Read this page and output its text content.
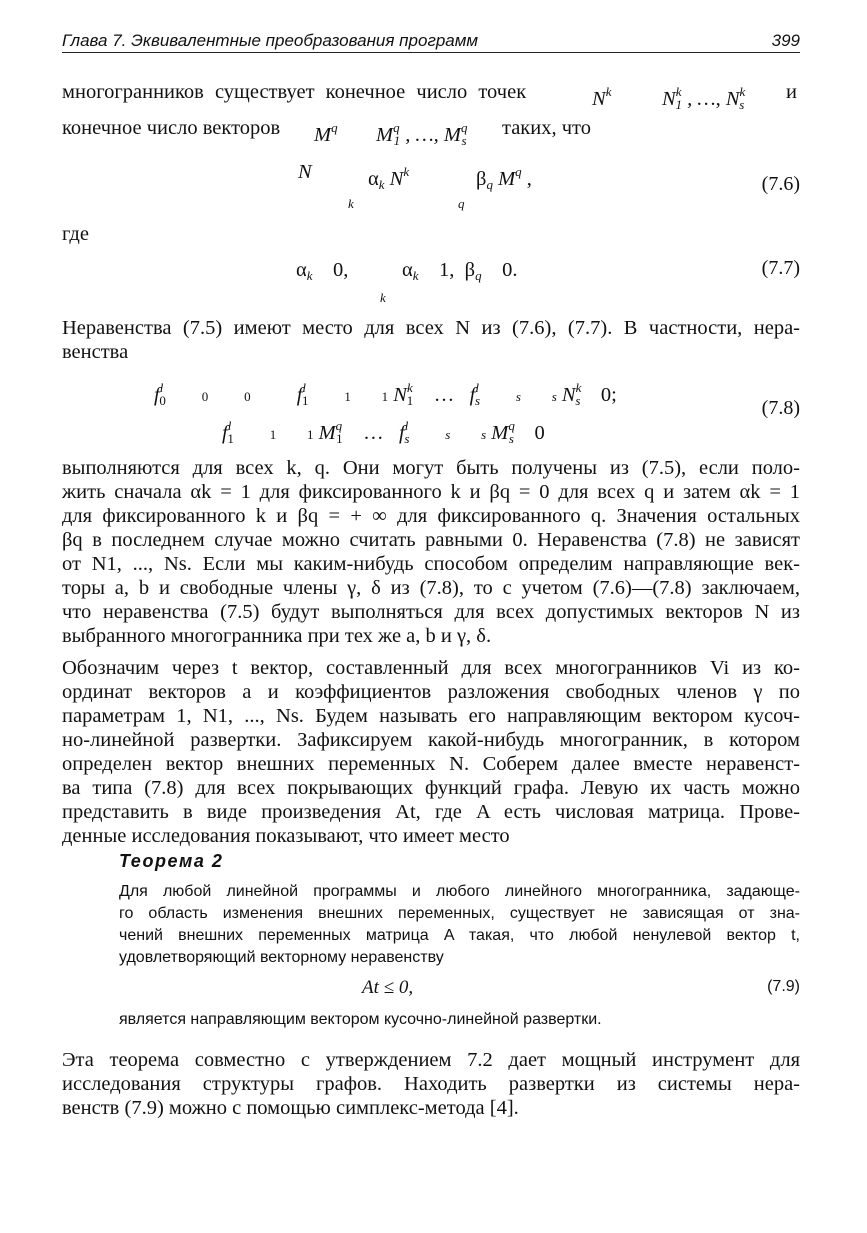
Глава 7. Эквивалентные преобразования программ	399
многогранников существует конечное число точек	$N^k$ $N^k_1$ , …, $N^k_s$
и
конечное число векторов $M^q$ $M^q_1$ , …, $M^q_s$
таких, что
N	$\alpha_k$ $N^k$
k
$\beta_q$ $M^q$ ,
q
(7.6)
где
$\alpha_k$    0,	$\alpha_k$    1,  $\beta_q$    0.
k
(7.7)
Неравенства (7.5) имеют место для всех N из (7.6), (7.7). В частности, нера-
венства
$f^l_0$	0	0 $f^l_1$	1 1 $N^k_1$    …   $f^l_s$	s s $N^k_s$    0;
$f^l_1$	1 1 $M^q_1$    …   $f^l_s$	s s $M^q_s$    0
(7.8)
выполняются для всех k, q. Они могут быть получены из (7.5), если поло-
жить сначала αk = 1 для фиксированного k и βq = 0 для всех q и затем αk = 1
для фиксированного k и βq = + ∞ для фиксированного q. Значения остальных
βq в последнем случае можно считать равными 0. Неравенства (7.8) не зависят
от N1, ..., Ns. Если мы каким-нибудь способом определим направляющие век-
торы a, b и свободные члены γ, δ из (7.8), то с учетом (7.6)—(7.8) заключаем,
что неравенства (7.5) будут выполняться для всех допустимых векторов N из
выбранного многогранника при тех же a, b и γ, δ.
Обозначим через t вектор, составленный для всех многогранников Vi из ко-
ординат векторов a и коэффициентов разложения свободных членов γ по
параметрам 1, N1, ..., Ns. Будем называть его направляющим вектором кусоч-
но-линейной развертки. Зафиксируем какой-нибудь многогранник, в котором
определен вектор внешних переменных N. Соберем далее вместе неравенст-
ва типа (7.8) для всех покрывающих функций графа. Левую их часть можно
представить в виде произведения At, где A есть числовая матрица. Прове-
денные исследования показывают, что имеет место
Теорема 2
Для любой линейной программы и любого линейного многогранника, задающе-
го область изменения внешних переменных, существует не зависящая от зна-
чений внешних переменных матрица A такая, что любой ненулевой вектор t,
удовлетворяющий векторному неравенству
At ≤ 0,	(7.9)
является направляющим вектором кусочно-линейной развертки.
Эта теорема совместно с утверждением 7.2 дает мощный инструмент для
исследования структуры графов. Находить развертки из системы нера-
венств (7.9) можно с помощью симплекс-метода [4].
